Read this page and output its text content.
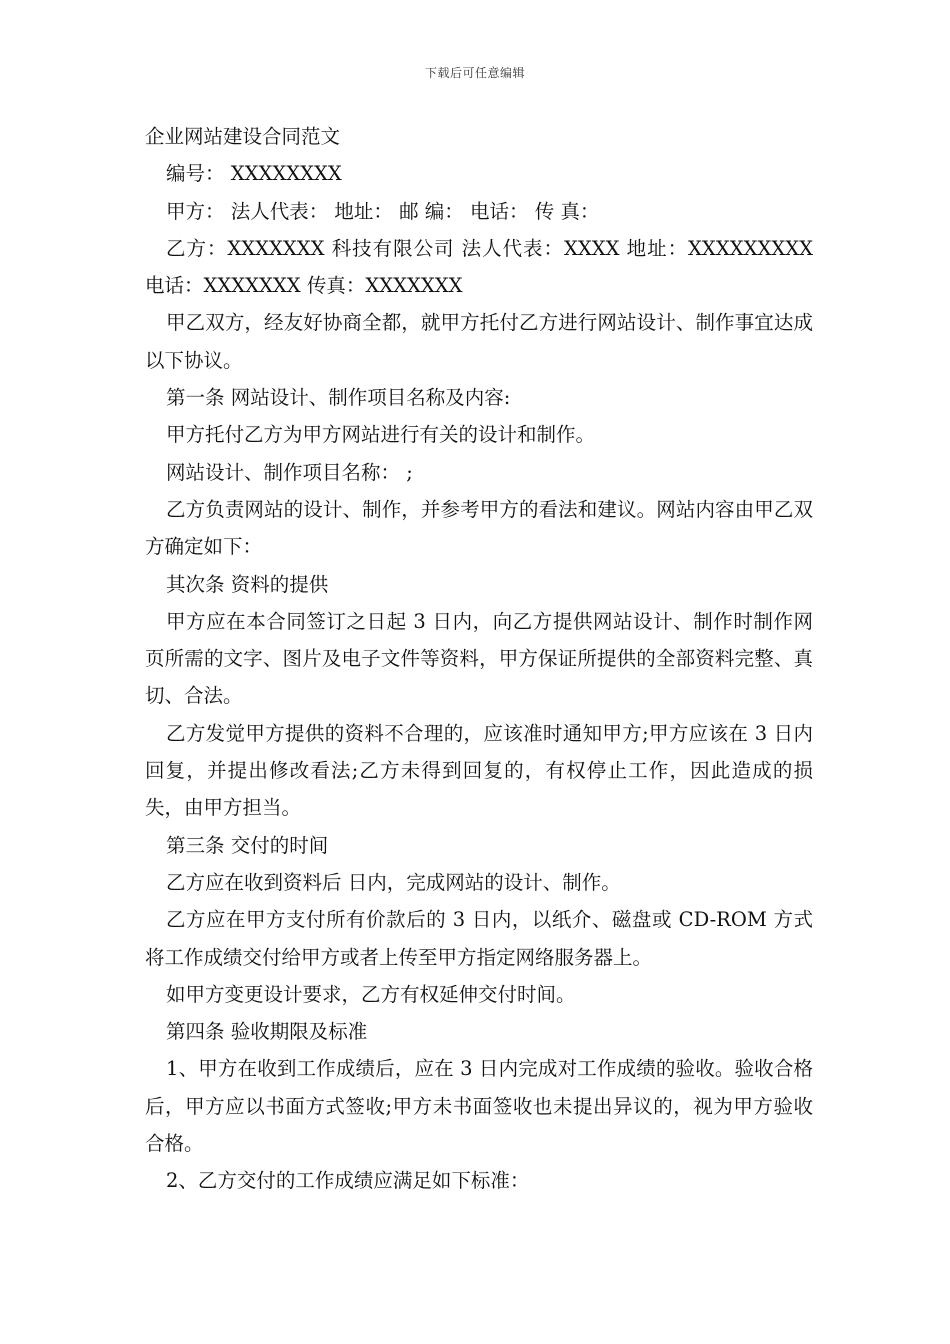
下载后可任意编辑

企业网站建设合同范文

编号： XXXXXXXX

甲方： 法人代表： 地址： 邮 编： 电话： 传 真：

乙方：XXXXXXX 科技有限公司 法人代表：XXXX 地址：XXXXXXXXX 电话：XXXXXXX 传真：XXXXXXX

甲乙双方，经友好协商全都，就甲方托付乙方进行网站设计、制作事宜达成以下协议。

第一条 网站设计、制作项目名称及内容:

甲方托付乙方为甲方网站进行有关的设计和制作。

网站设计、制作项目名称： ;

乙方负责网站的设计、制作，并参考甲方的看法和建议。网站内容由甲乙双方确定如下：

其次条 资料的提供

甲方应在本合同签订之日起 3 日内，向乙方提供网站设计、制作时制作网页所需的文字、图片及电子文件等资料，甲方保证所提供的全部资料完整、真切、合法。

乙方发觉甲方提供的资料不合理的，应该准时通知甲方;甲方应该在 3 日内回复，并提出修改看法;乙方未得到回复的，有权停止工作，因此造成的损失，由甲方担当。

第三条 交付的时间

乙方应在收到资料后 日内，完成网站的设计、制作。

乙方应在甲方支付所有价款后的 3 日内，以纸介、磁盘或 CD-ROM 方式将工作成绩交付给甲方或者上传至甲方指定网络服务器上。

如甲方变更设计要求，乙方有权延伸交付时间。

第四条 验收期限及标准

1、甲方在收到工作成绩后，应在 3 日内完成对工作成绩的验收。验收合格后，甲方应以书面方式签收;甲方未书面签收也未提出异议的，视为甲方验收合格。

2、乙方交付的工作成绩应满足如下标准：
